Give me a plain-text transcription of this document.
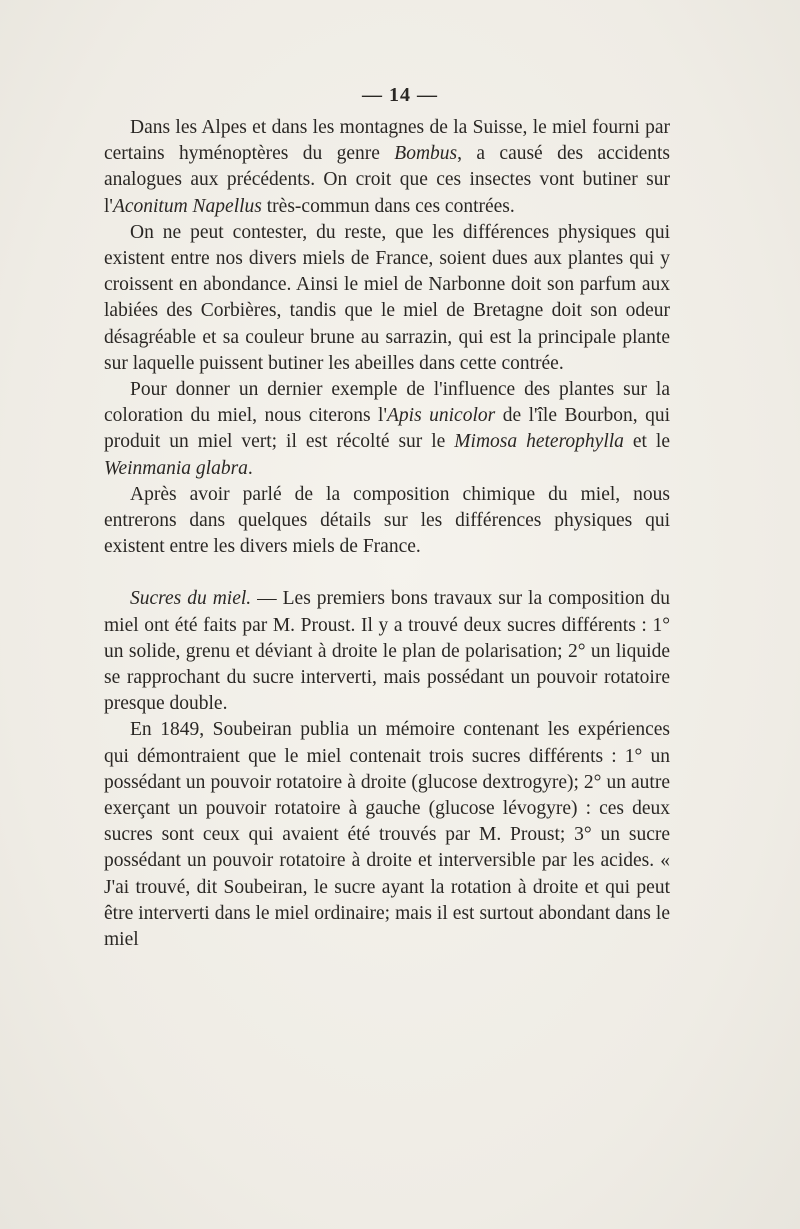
— 14 —

Dans les Alpes et dans les montagnes de la Suisse, le miel fourni par certains hyménoptères du genre Bombus, a causé des accidents analogues aux précédents. On croit que ces insectes vont butiner sur l'Aconitum Napellus très-commun dans ces contrées.

On ne peut contester, du reste, que les différences physiques qui existent entre nos divers miels de France, soient dues aux plantes qui y croissent en abondance. Ainsi le miel de Narbonne doit son parfum aux labiées des Corbières, tandis que le miel de Bretagne doit son odeur désagréable et sa couleur brune au sarrazin, qui est la principale plante sur laquelle puissent butiner les abeilles dans cette contrée.

Pour donner un dernier exemple de l'influence des plantes sur la coloration du miel, nous citerons l'Apis unicolor de l'île Bourbon, qui produit un miel vert; il est récolté sur le Mimosa heterophylla et le Weinmania glabra.

Après avoir parlé de la composition chimique du miel, nous entrerons dans quelques détails sur les différences physiques qui existent entre les divers miels de France.

Sucres du miel. — Les premiers bons travaux sur la composition du miel ont été faits par M. Proust. Il y a trouvé deux sucres différents : 1° un solide, grenu et déviant à droite le plan de polarisation; 2° un liquide se rapprochant du sucre interverti, mais possédant un pouvoir rotatoire presque double.

En 1849, Soubeiran publia un mémoire contenant les expériences qui démontraient que le miel contenait trois sucres différents : 1° un possédant un pouvoir rotatoire à droite (glucose dextrogyre); 2° un autre exerçant un pouvoir rotatoire à gauche (glucose lévogyre) : ces deux sucres sont ceux qui avaient été trouvés par M. Proust; 3° un sucre possédant un pouvoir rotatoire à droite et interversible par les acides. « J'ai trouvé, dit Soubeiran, le sucre ayant la rotation à droite et qui peut être interverti dans le miel ordinaire; mais il est surtout abondant dans le miel
